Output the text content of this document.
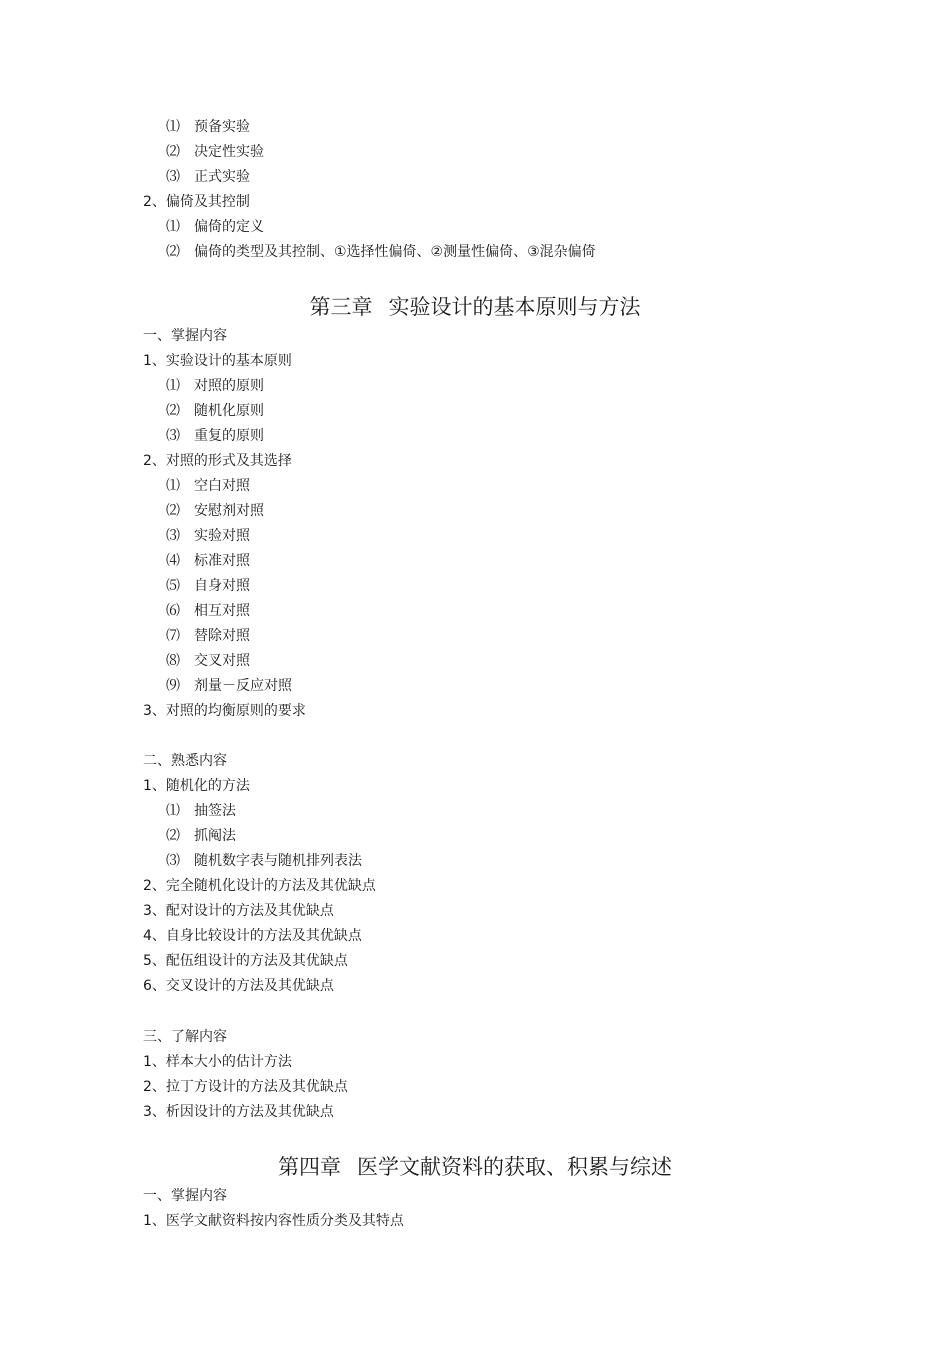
⑴ 预备实验
⑵ 决定性实验
⑶ 正式实验
2、偏倚及其控制
⑴ 偏倚的定义
⑵ 偏倚的类型及其控制、①选择性偏倚、②测量性偏倚、③混杂偏倚
第三章 实验设计的基本原则与方法
一、掌握内容
1、实验设计的基本原则
⑴ 对照的原则
⑵ 随机化原则
⑶ 重复的原则
2、对照的形式及其选择
⑴ 空白对照
⑵ 安慰剂对照
⑶ 实验对照
⑷ 标准对照
⑸ 自身对照
⑹ 相互对照
⑺ 替除对照
⑻ 交叉对照
⑼ 剂量－反应对照
3、对照的均衡原则的要求
二、熟悉内容
1、随机化的方法
⑴ 抽签法
⑵ 抓阄法
⑶ 随机数字表与随机排列表法
2、完全随机化设计的方法及其优缺点
3、配对设计的方法及其优缺点
4、自身比较设计的方法及其优缺点
5、配伍组设计的方法及其优缺点
6、交叉设计的方法及其优缺点
三、了解内容
1、样本大小的估计方法
2、拉丁方设计的方法及其优缺点
3、析因设计的方法及其优缺点
第四章 医学文献资料的获取、积累与综述
一、掌握内容
1、医学文献资料按内容性质分类及其特点
